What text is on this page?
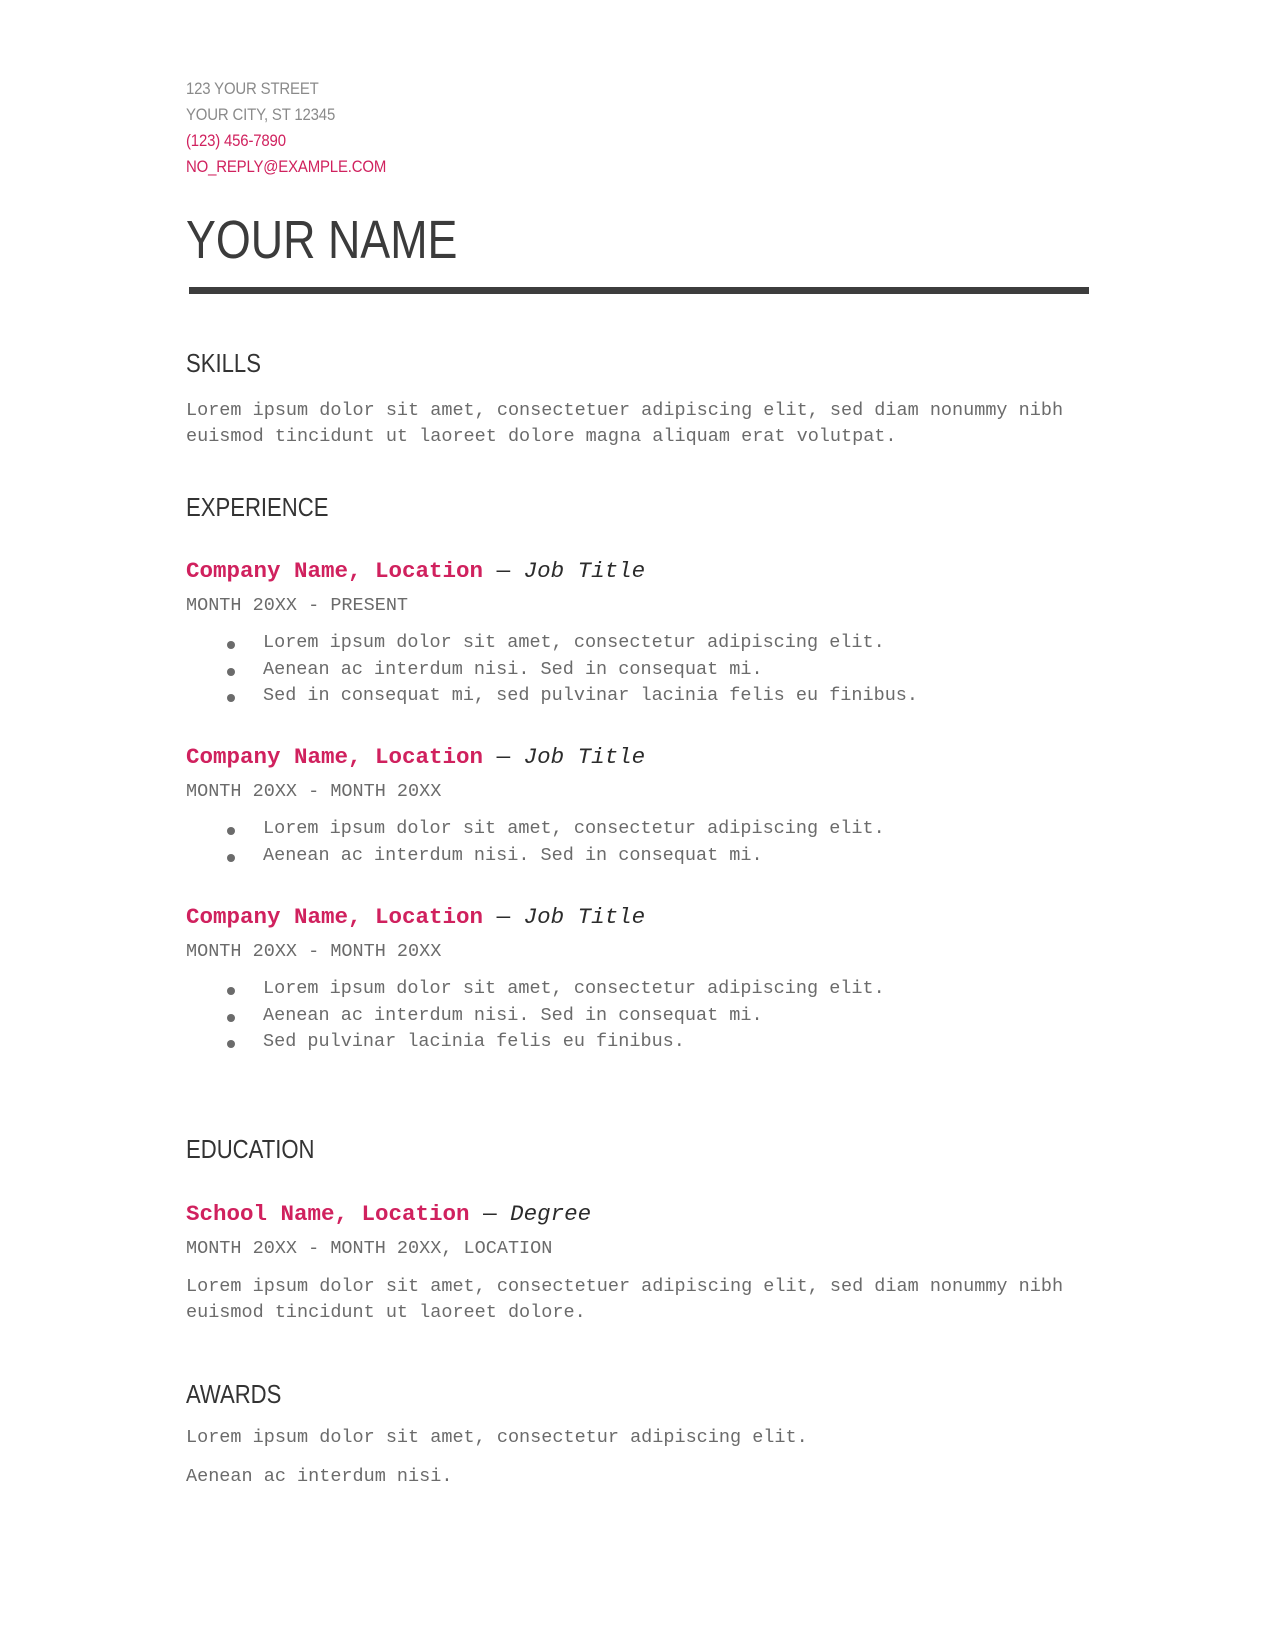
123 YOUR STREET
YOUR CITY, ST 12345
(123) 456-7890
NO_REPLY@EXAMPLE.COM
YOUR NAME
SKILLS

Lorem ipsum dolor sit amet, consectetuer adipiscing elit, sed diam nonummy nibh euismod tincidunt ut laoreet dolore magna aliquam erat volutpat.

EXPERIENCE
Company Name, Location — Job Title
MONTH 20XX - PRESENT
Lorem ipsum dolor sit amet, consectetur adipiscing elit.
Aenean ac interdum nisi. Sed in consequat mi.
Sed in consequat mi, sed pulvinar lacinia felis eu finibus.
Company Name, Location — Job Title
MONTH 20XX - MONTH 20XX
Lorem ipsum dolor sit amet, consectetur adipiscing elit.
Aenean ac interdum nisi. Sed in consequat mi.
Company Name, Location — Job Title
MONTH 20XX - MONTH 20XX
Lorem ipsum dolor sit amet, consectetur adipiscing elit.
Aenean ac interdum nisi. Sed in consequat mi.
Sed pulvinar lacinia felis eu finibus.
EDUCATION
School Name, Location — Degree
MONTH 20XX - MONTH 20XX, LOCATION

Lorem ipsum dolor sit amet, consectetuer adipiscing elit, sed diam nonummy nibh euismod tincidunt ut laoreet dolore.

AWARDS

Lorem ipsum dolor sit amet, consectetur adipiscing elit.

Aenean ac interdum nisi.
